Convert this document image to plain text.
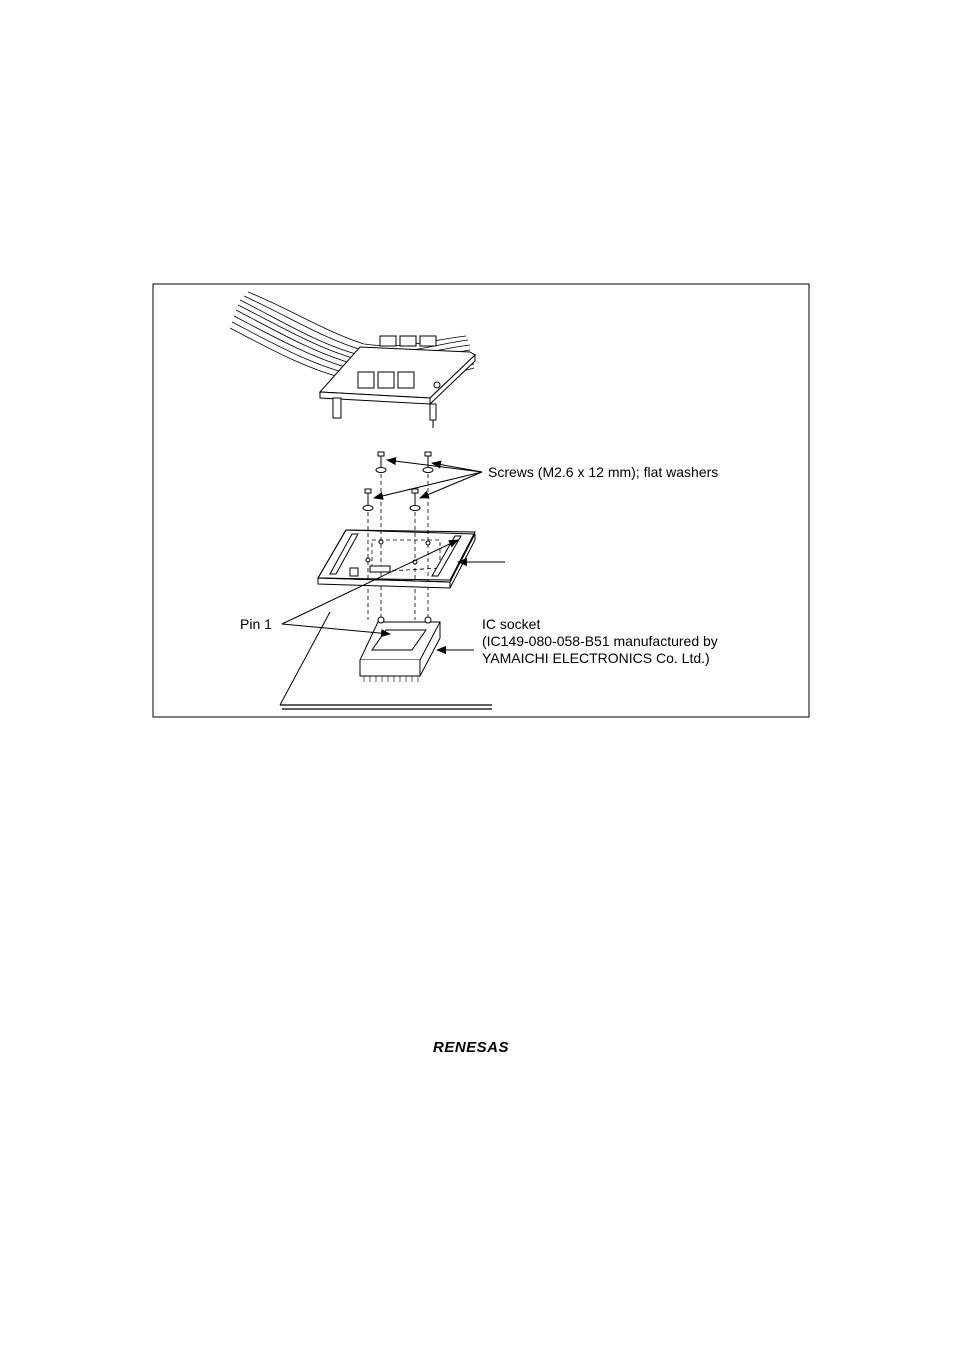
Screws (M2.6 x 12 mm); flat washers
Pin 1	IC socket
(IC149-080-058-B51 manufactured by
YAMAICHI ELECTRONICS Co. Ltd.)
RENESAS
